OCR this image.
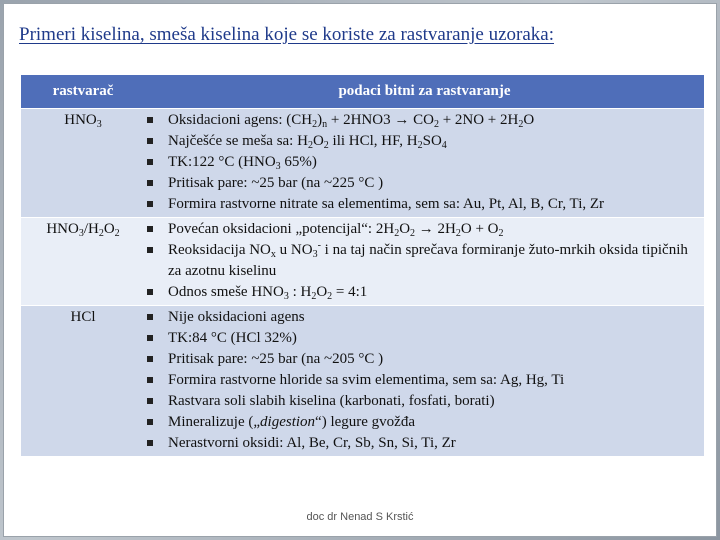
Primeri kiselina, smeša kiselina koje se koriste za rastvaranje uzoraka:
rastvarač	podaci bitni za rastvaranje
$HNO_3$	Oksidacioni agens: $(CH_2)_n + 2HNO3 \to CO_2 + 2NO + 2H_2O$
Najčešće se meša sa: $H_2O_2$ ili HCl, HF, $H_2SO_4$
TK:122 °C ($HNO_3$ 65%)
Pritisak pare: ~25 bar (na ~225 °C )
Formira rastvorne nitrate sa elementima, sem sa: Au, Pt, Al, B, Cr, Ti, Zr
$HNO_3/H_2O_2$	Povećan oksidacioni „potencijal“: $2H_2O_2 \to 2H_2O + O_2$
Reoksidacija $NO_x$ u $NO_3^-$ i na taj način sprečava formiranje žuto-mrkih oksida tipičnih za azotnu kiselinu
Odnos smeše $HNO_3$ : $H_2O_2$ = 4:1
HCl	Nije oksidacioni agens
TK:84 °C (HCl 32%)
Pritisak pare: ~25 bar (na ~205 °C )
Formira rastvorne hloride sa svim elementima, sem sa: Ag, Hg, Ti
Rastvara soli slabih kiselina (karbonati, fosfati, borati)
Mineralizuje („digestion“) legure gvožđa
Nerastvorni oksidi: Al, Be, Cr, Sb, Sn, Si, Ti, Zr
doc dr Nenad S Krstić
